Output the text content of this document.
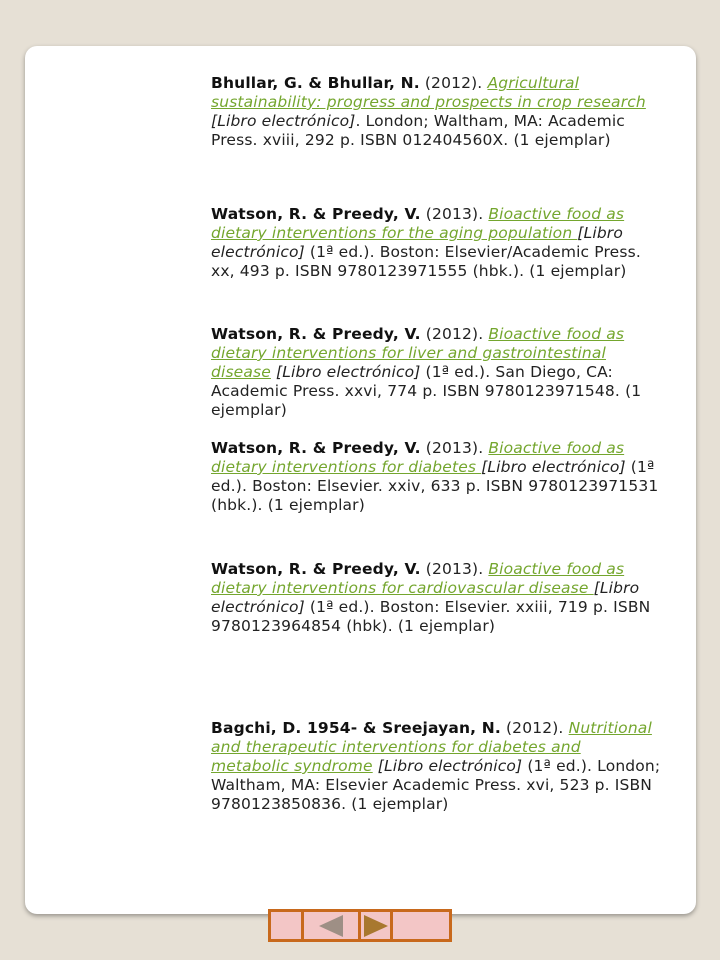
Bhullar, G. & Bhullar, N. (2012). Agricultural sustainability: progress and prospects in crop research [Libro electrónico]. London; Waltham, MA: Academic Press. xviii, 292 p. ISBN 012404560X. (1 ejemplar)
Watson, R. & Preedy, V. (2013). Bioactive food as dietary interventions for the aging population [Libro electrónico] (1ª ed.). Boston: Elsevier/Academic Press. xx, 493 p. ISBN 9780123971555 (hbk.). (1 ejemplar)
Watson, R. & Preedy, V. (2012). Bioactive food as dietary interventions for liver and gastrointestinal disease [Libro electrónico] (1ª ed.). San Diego, CA: Academic Press. xxvi, 774 p. ISBN 9780123971548. (1 ejemplar)
Watson, R. & Preedy, V. (2013). Bioactive food as dietary interventions for diabetes [Libro electrónico] (1ª ed.). Boston: Elsevier. xxiv, 633 p. ISBN 9780123971531 (hbk.). (1 ejemplar)
Watson, R. & Preedy, V. (2013). Bioactive food as dietary interventions for cardiovascular disease [Libro electrónico] (1ª ed.). Boston: Elsevier. xxiii, 719 p. ISBN 9780123964854 (hbk). (1 ejemplar)
Bagchi, D. 1954- & Sreejayan, N. (2012). Nutritional and therapeutic interventions for diabetes and metabolic syndrome [Libro electrónico] (1ª ed.). London; Waltham, MA: Elsevier Academic Press. xvi, 523 p. ISBN 9780123850836. (1 ejemplar)
